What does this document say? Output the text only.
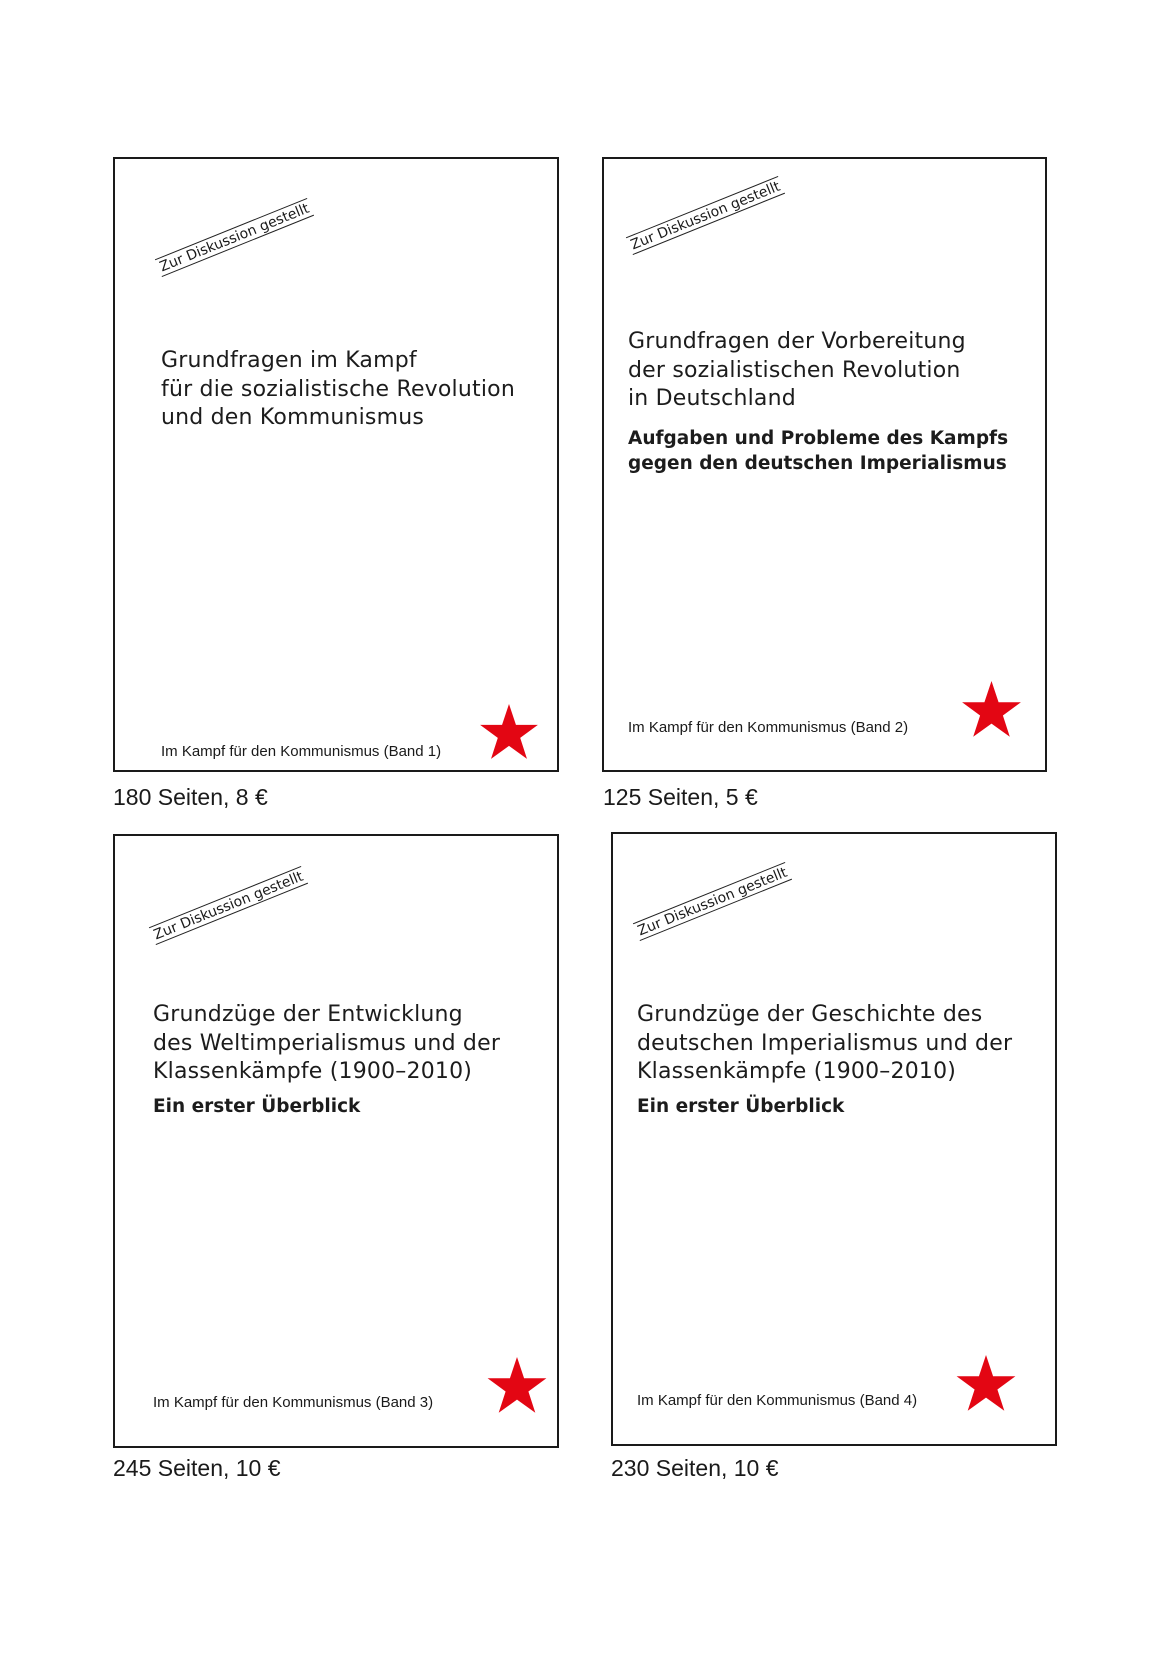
Zur Diskussion gestellt
Grundfragen im Kampf
für die sozialistische Revolution
und den Kommunismus
Im Kampf für den Kommunismus (Band 1)
180 Seiten, 8 €
Zur Diskussion gestellt
Grundfragen der Vorbereitung
der sozialistischen Revolution
in Deutschland
Aufgaben und Probleme des Kampfs
gegen den deutschen Imperialismus
Im Kampf für den Kommunismus (Band 2)
125 Seiten, 5 €
Zur Diskussion gestellt
Grundzüge der Entwicklung
des Weltimperialismus und der
Klassenkämpfe (1900–2010)
Ein erster Überblick
Im Kampf für den Kommunismus (Band 3)
245 Seiten, 10 €
Zur Diskussion gestellt
Grundzüge der Geschichte des
deutschen Imperialismus und der
Klassenkämpfe (1900–2010)
Ein erster Überblick
Im Kampf für den Kommunismus (Band 4)
230 Seiten, 10 €
